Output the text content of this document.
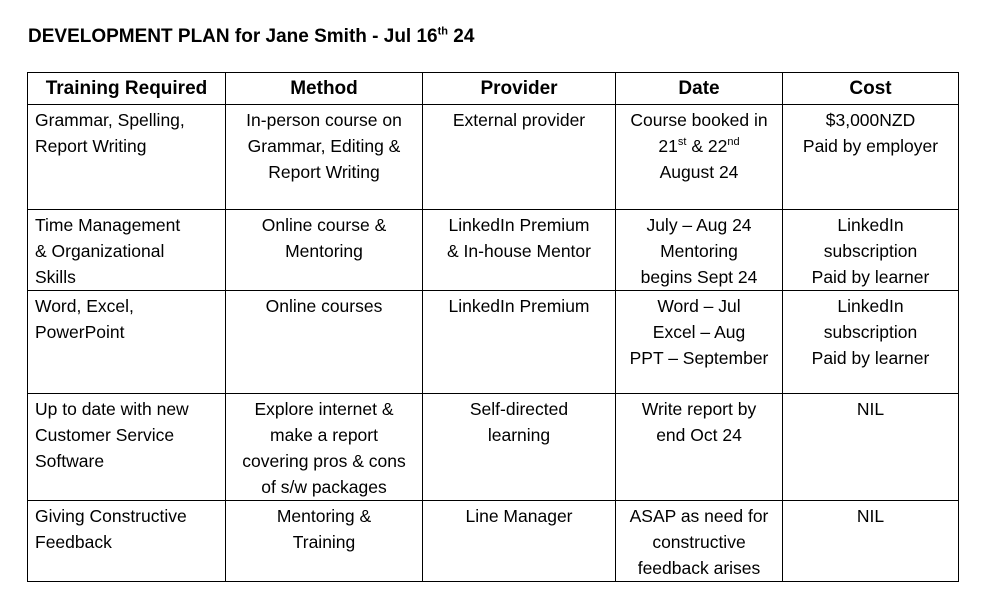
DEVELOPMENT PLAN for Jane Smith - Jul 16th 24
Training Required	Method	Provider	Date	Cost

Grammar, Spelling,
Report Writing	In-person course on
Grammar, Editing &
Report Writing	External provider	Course booked in
21st & 22nd
August 24	$3,000NZD
Paid by employer

Time Management
& Organizational
Skills	Online course &
Mentoring	LinkedIn Premium
& In-house Mentor	July – Aug 24
Mentoring
begins Sept 24	LinkedIn
subscription
Paid by learner

Word, Excel,
PowerPoint	Online courses	LinkedIn Premium	Word – Jul
Excel – Aug
PPT – September	LinkedIn
subscription
Paid by learner

Up to date with new
Customer Service
Software	Explore internet &
make a report
covering pros & cons
of s/w packages	Self-directed
learning	Write report by
end Oct 24	NIL

Giving Constructive
Feedback	Mentoring &
Training	Line Manager	ASAP as need for
constructive
feedback arises	NIL
